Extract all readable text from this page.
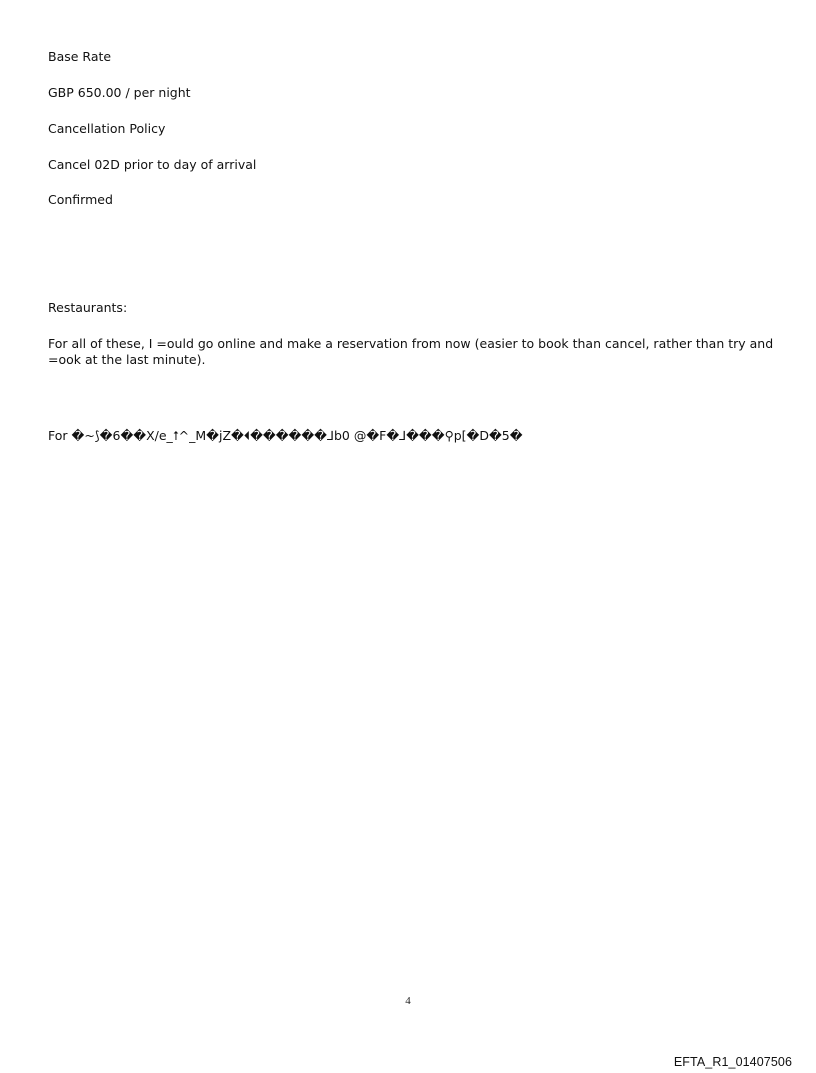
Base Rate
GBP 650.00 / per night
Cancellation Policy
Cancel 02D prior to day of arrival
Confirmed
Restaurants:
For all of these, I =ould go online and make a reservation from now (easier to book than cancel, rather than try and =ook at the last minute).
For �~⟆�6��X/e_⭡^_M�jZ�⏴������⅃b0 @�F�⅃���⚲p[�D�5�
4
EFTA_R1_01407506
